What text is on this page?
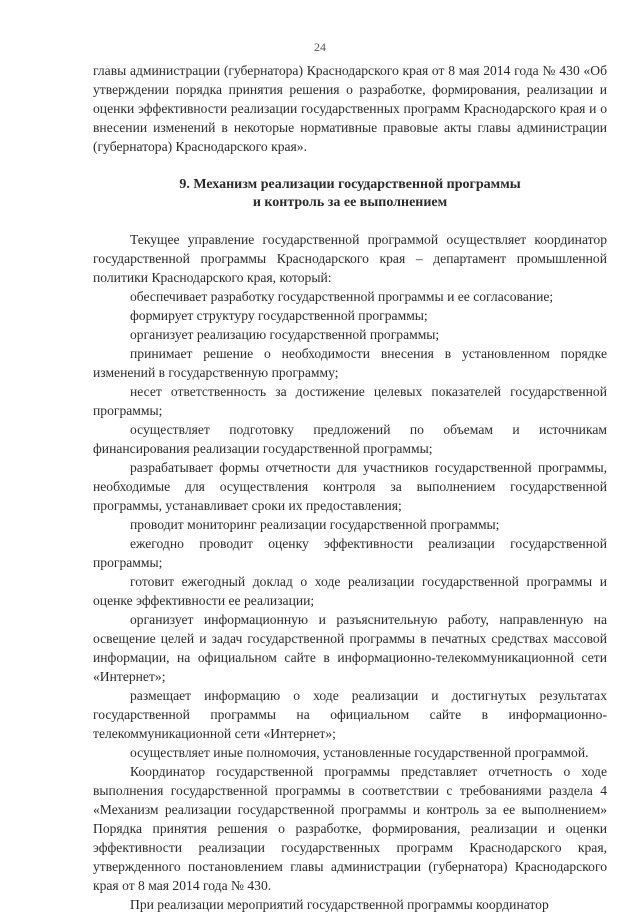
24

главы администрации (губернатора) Краснодарского края от 8 мая 2014 года № 430 «Об утверждении порядка принятия решения о разработке, формирования, реализации и оценки эффективности реализации государственных программ Краснодарского края и о внесении изменений в некоторые нормативные правовые акты главы администрации (губернатора) Краснодарского края».

9. Механизм реализации государственной программы
и контроль за ее выполнением

Текущее управление государственной программой осуществляет координатор государственной программы Краснодарского края – департамент промышленной политики Краснодарского края, который:

обеспечивает разработку государственной программы и ее согласование;

формирует структуру государственной программы;

организует реализацию государственной программы;

принимает решение о необходимости внесения в установленном порядке изменений в государственную программу;

несет ответственность за достижение целевых показателей государственной программы;

осуществляет подготовку предложений по объемам и источникам финансирования реализации государственной программы;

разрабатывает формы отчетности для участников государственной программы, необходимые для осуществления контроля за выполнением государственной программы, устанавливает сроки их предоставления;

проводит мониторинг реализации государственной программы;

ежегодно проводит оценку эффективности реализации государственной программы;

готовит ежегодный доклад о ходе реализации государственной программы и оценке эффективности ее реализации;

организует информационную и разъяснительную работу, направленную на освещение целей и задач государственной программы в печатных средствах массовой информации, на официальном сайте в информационно-телекоммуникационной сети «Интернет»;

размещает информацию о ходе реализации и достигнутых результатах государственной программы на официальном сайте в информационно-телекоммуникационной сети «Интернет»;

осуществляет иные полномочия, установленные государственной программой.

Координатор государственной программы представляет отчетность о ходе выполнения государственной программы в соответствии с требованиями раздела 4 «Механизм реализации государственной программы и контроль за ее выполнением» Порядка принятия решения о разработке, формирования, реализации и оценки эффективности реализации государственных программ Краснодарского края, утвержденного постановлением главы администрации (губернатора) Краснодарского края от 8 мая 2014 года № 430.

При реализации мероприятий государственной программы координатор
